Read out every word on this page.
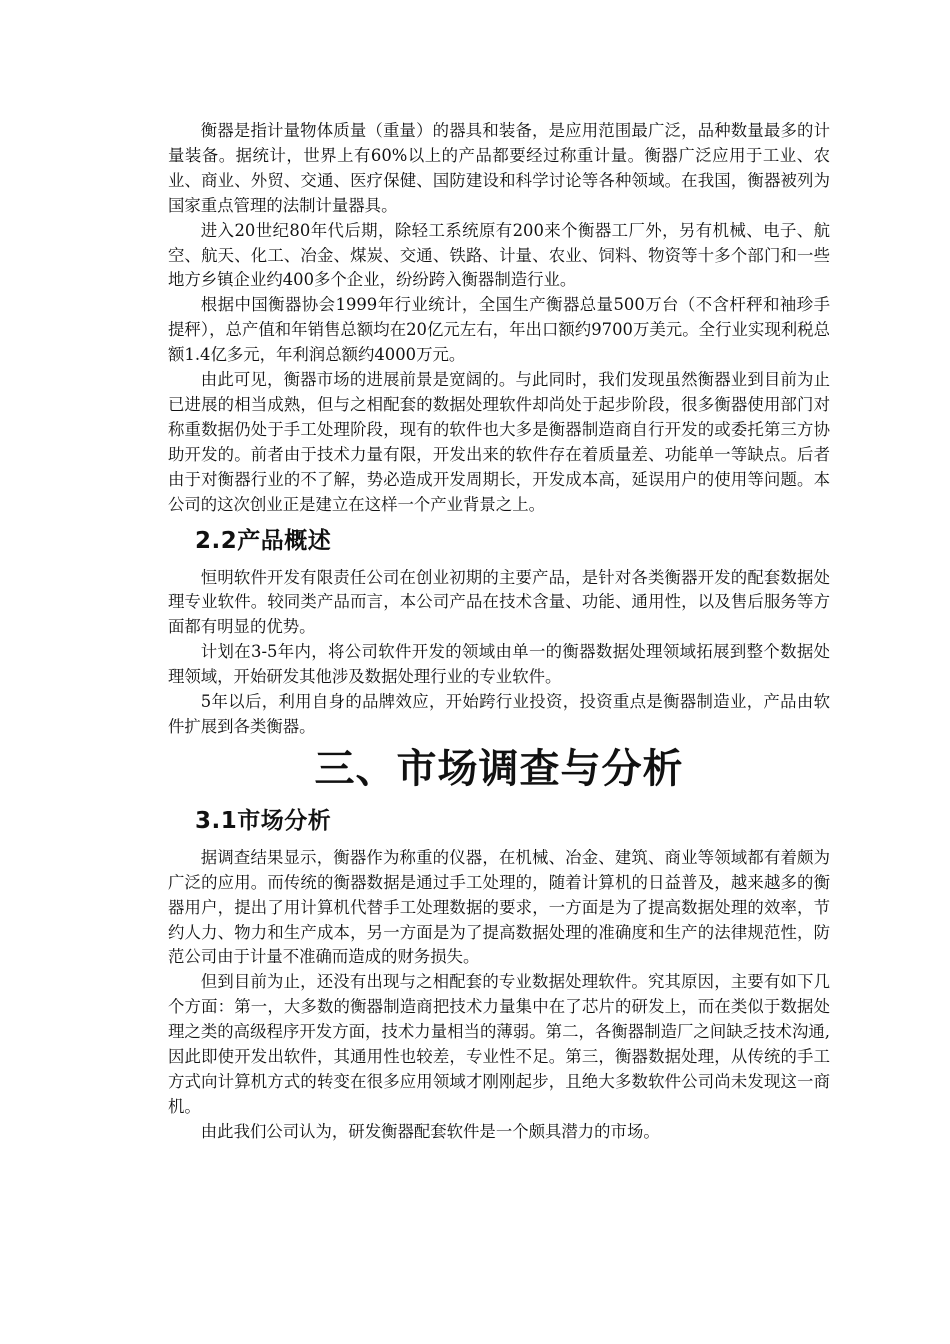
衡器是指计量物体质量（重量）的器具和装备，是应用范围最广泛，品种数量最多的计量装备。据统计，世界上有60%以上的产品都要经过称重计量。衡器广泛应用于工业、农业、商业、外贸、交通、医疗保健、国防建设和科学讨论等各种领域。在我国，衡器被列为国家重点管理的法制计量器具。

进入20世纪80年代后期，除轻工系统原有200来个衡器工厂外，另有机械、电子、航空、航天、化工、冶金、煤炭、交通、铁路、计量、农业、饲料、物资等十多个部门和一些地方乡镇企业约400多个企业，纷纷跨入衡器制造行业。

根据中国衡器协会1999年行业统计，全国生产衡器总量500万台（不含杆秤和袖珍手提秤），总产值和年销售总额均在20亿元左右，年出口额约9700万美元。全行业实现利税总额1.4亿多元，年利润总额约4000万元。

由此可见，衡器市场的进展前景是宽阔的。与此同时，我们发现虽然衡器业到目前为止已进展的相当成熟，但与之相配套的数据处理软件却尚处于起步阶段，很多衡器使用部门对称重数据仍处于手工处理阶段，现有的软件也大多是衡器制造商自行开发的或委托第三方协助开发的。前者由于技术力量有限，开发出来的软件存在着质量差、功能单一等缺点。后者由于对衡器行业的不了解，势必造成开发周期长，开发成本高，延误用户的使用等问题。本公司的这次创业正是建立在这样一个产业背景之上。

2.2产品概述

恒明软件开发有限责任公司在创业初期的主要产品，是针对各类衡器开发的配套数据处理专业软件。较同类产品而言，本公司产品在技术含量、功能、通用性，以及售后服务等方面都有明显的优势。

计划在3-5年内，将公司软件开发的领域由单一的衡器数据处理领域拓展到整个数据处理领域，开始研发其他涉及数据处理行业的专业软件。

5年以后，利用自身的品牌效应，开始跨行业投资，投资重点是衡器制造业，产品由软件扩展到各类衡器。

三、市场调查与分析
3.1市场分析

据调查结果显示，衡器作为称重的仪器，在机械、冶金、建筑、商业等领域都有着颇为广泛的应用。而传统的衡器数据是通过手工处理的，随着计算机的日益普及，越来越多的衡器用户，提出了用计算机代替手工处理数据的要求，一方面是为了提高数据处理的效率，节约人力、物力和生产成本，另一方面是为了提高数据处理的准确度和生产的法律规范性，防范公司由于计量不准确而造成的财务损失。

但到目前为止，还没有出现与之相配套的专业数据处理软件。究其原因，主要有如下几个方面：第一，大多数的衡器制造商把技术力量集中在了芯片的研发上，而在类似于数据处理之类的高级程序开发方面，技术力量相当的薄弱。第二，各衡器制造厂之间缺乏技术沟通,因此即使开发出软件，其通用性也较差，专业性不足。第三，衡器数据处理，从传统的手工方式向计算机方式的转变在很多应用领域才刚刚起步，且绝大多数软件公司尚未发现这一商机。

由此我们公司认为，研发衡器配套软件是一个颇具潜力的市场。
